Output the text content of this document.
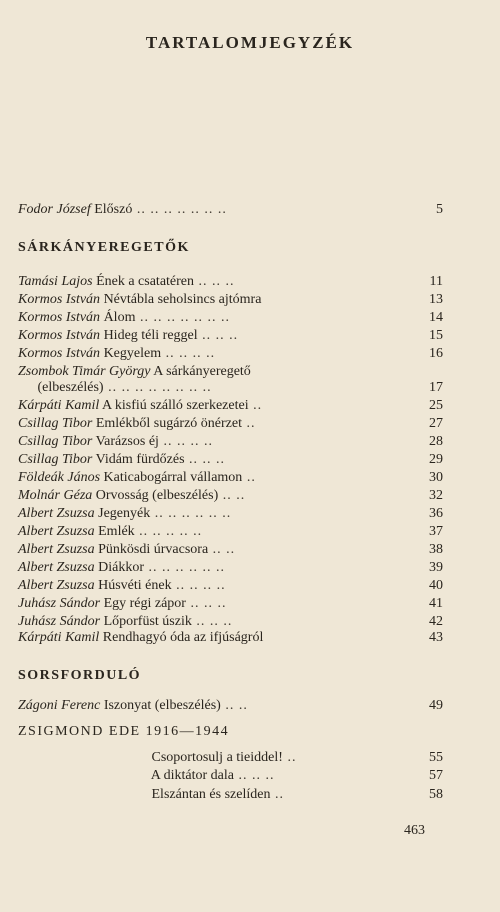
TARTALOMJEGYZÉK
Fodor József Előszó .. .. .. .. .. .. ..	5
SÁRKÁNYEREGETŐK
Tamási Lajos Ének a csatatéren .. .. ..	11
Kormos István Névtábla seholsincs ajtómra	13
Kormos István Álom .. .. .. .. .. .. ..	14
Kormos István Hideg téli reggel .. .. ..	15
Kormos István Kegyelem .. .. .. ..	16
Zsombok Timár György A sárkányeregető
(elbeszélés) .. .. .. .. .. .. .. ..	17
Kárpáti Kamil A kisfiú szálló szerkezetei ..	25
Csillag Tibor Emlékből sugárzó önérzet ..	27
Csillag Tibor Varázsos éj .. .. .. ..	28
Csillag Tibor Vidám fürdőzés .. .. ..	29
Földeák János Katicabogárral vállamon ..	30
Molnár Géza Orvosság (elbeszélés) .. ..	32
Albert Zsuzsa Jegenyék .. .. .. .. .. ..	36
Albert Zsuzsa Emlék .. .. .. .. ..	37
Albert Zsuzsa Pünkösdi úrvacsora .. ..	38
Albert Zsuzsa Diákkor .. .. .. .. .. ..	39
Albert Zsuzsa Húsvéti ének .. .. .. ..	40
Juhász Sándor Egy régi zápor .. .. ..	41
Juhász Sándor Lőporfüst úszik .. .. ..	42
Kárpáti Kamil Rendhagyó óda az ifjúságról	43
SORSFORDULÓ
Zágoni Ferenc Iszonyat (elbeszélés) .. ..	49
ZSIGMOND EDE 1916—1944
Csoportosulj a tieiddel! ..	55
A diktátor dala .. .. ..	57
Elszántan és szelíden ..	58
463
